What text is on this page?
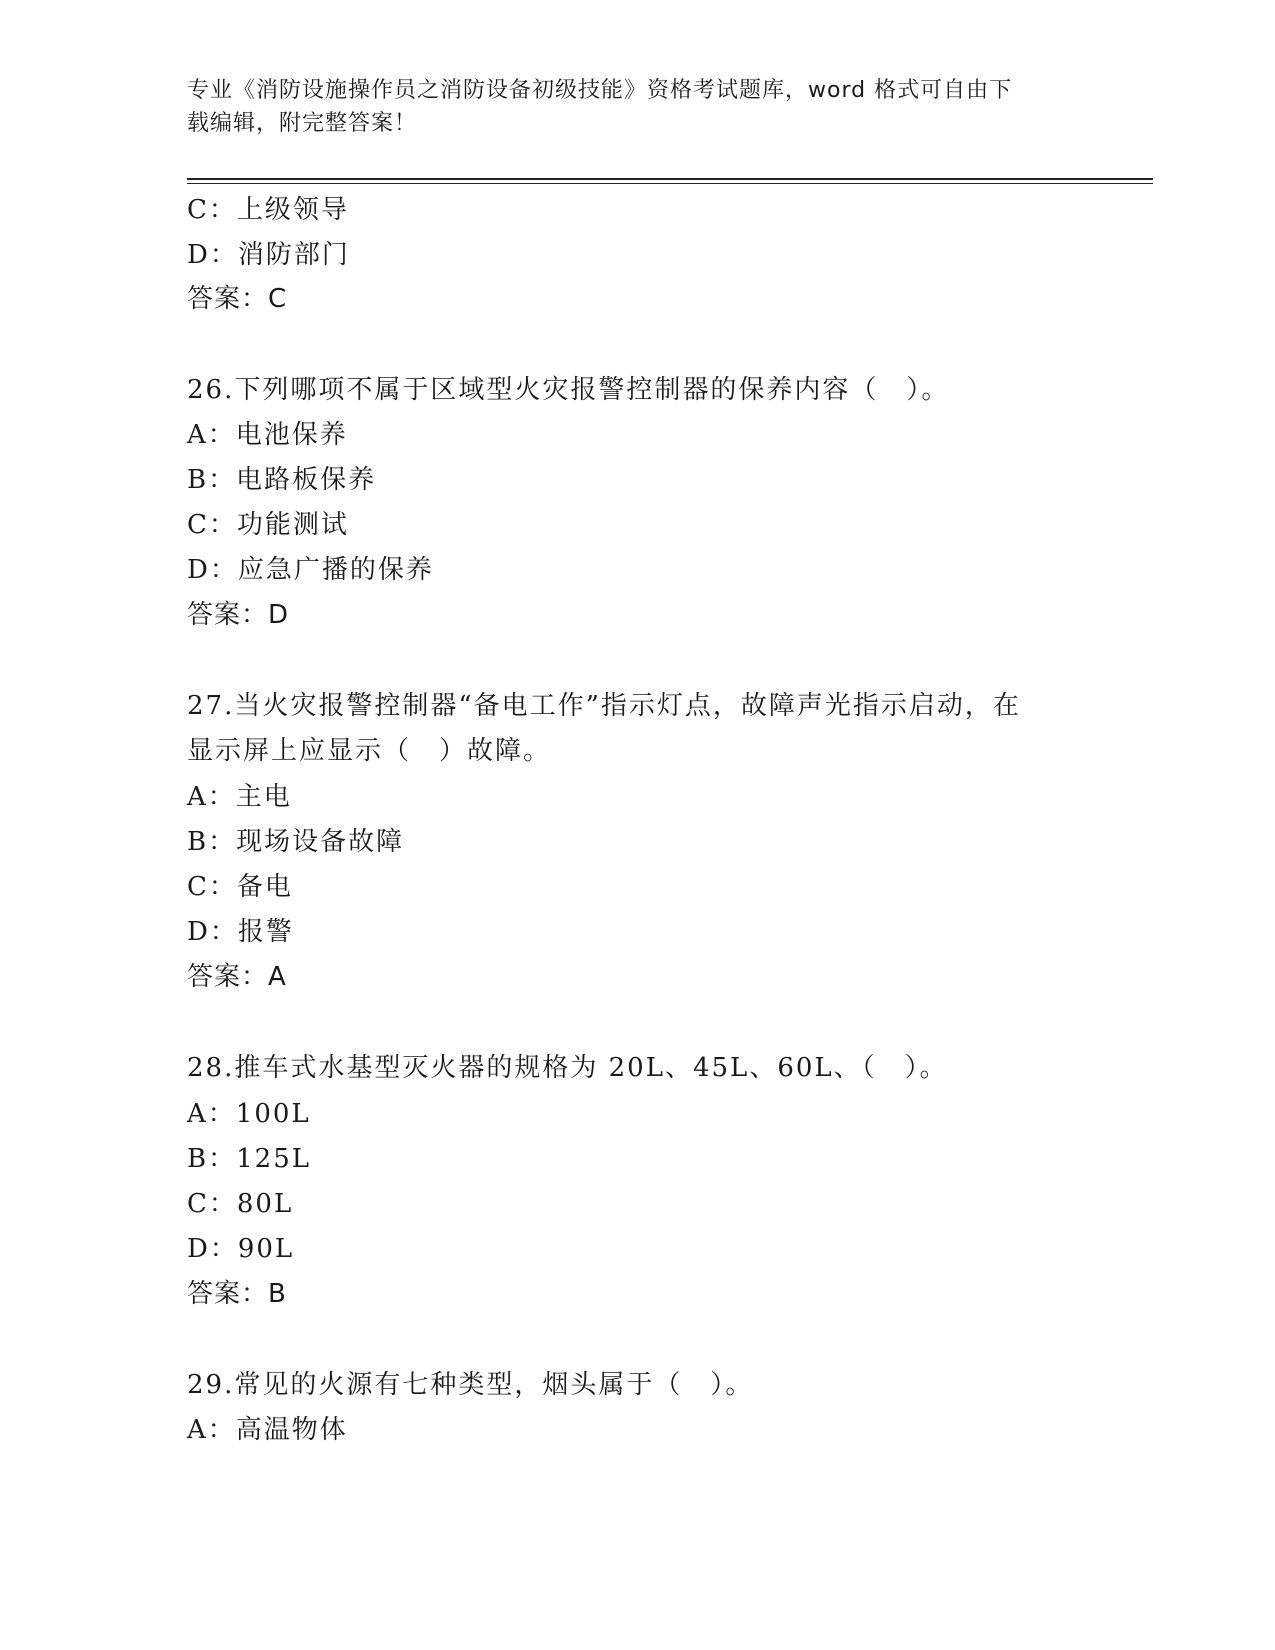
专业《消防设施操作员之消防设备初级技能》资格考试题库，word 格式可自由下
载编辑，附完整答案！
C：上级领导
D：消防部门
答案：C
26.下列哪项不属于区域型火灾报警控制器的保养内容（　）。
A：电池保养
B：电路板保养
C：功能测试
D：应急广播的保养
答案：D
27.当火灾报警控制器“备电工作”指示灯点，故障声光指示启动，在
显示屏上应显示（　）故障。
A：主电
B：现场设备故障
C：备电
D：报警
答案：A
28.推车式水基型灭火器的规格为 20L、45L、60L、（　）。
A：100L
B：125L
C：80L
D：90L
答案：B
29.常见的火源有七种类型，烟头属于（　）。
A：高温物体
